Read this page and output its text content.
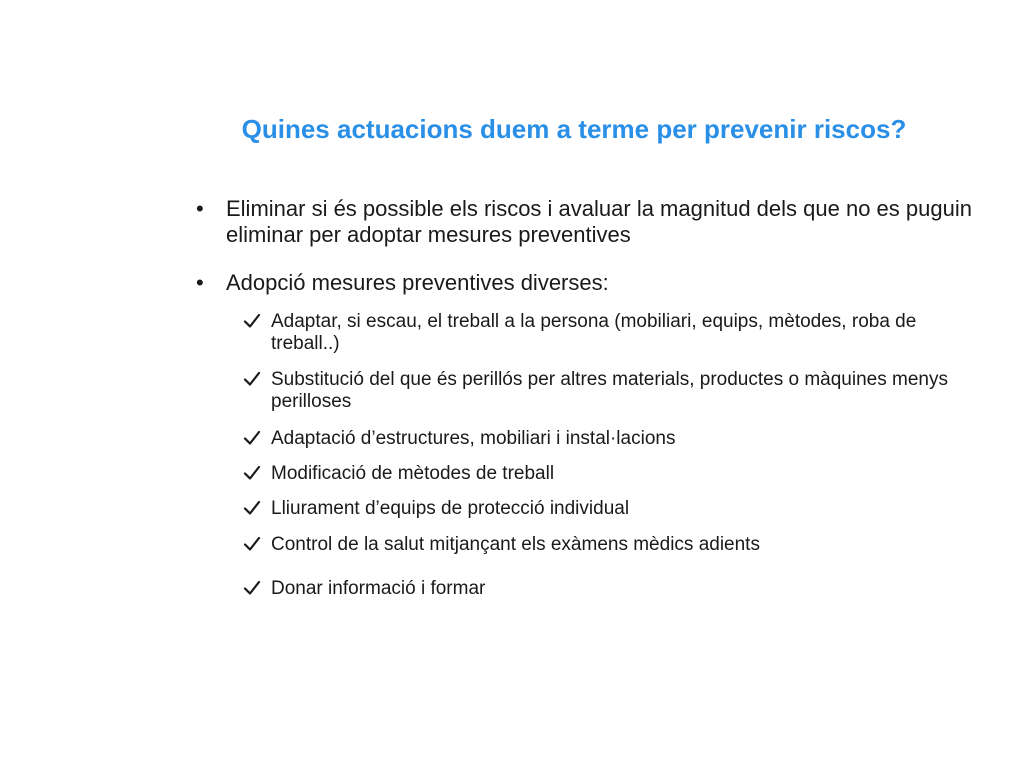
Quines actuacions duem a terme per prevenir riscos?
•	Eliminar si és possible els riscos i avaluar la magnitud dels que no es puguin eliminar per adoptar mesures preventives
•	Adopció mesures preventives diverses:
Adaptar, si escau, el treball a la persona (mobiliari, equips, mètodes, roba de treball..)
Substitució del que és perillós per altres materials, productes o màquines menys perilloses
Adaptació d’estructures, mobiliari i instal·lacions
Modificació de mètodes de treball
Lliurament d’equips de protecció individual
Control de la salut mitjançant els exàmens mèdics adients
Donar informació i formar
